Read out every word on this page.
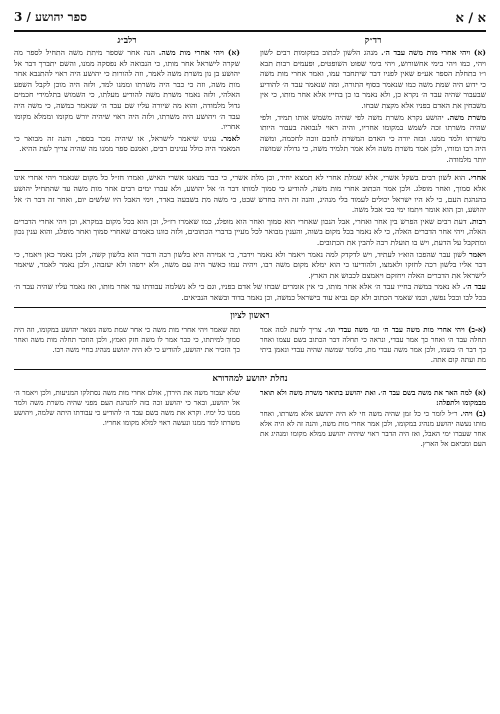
א / א
ספר יהושע / 3
רד״ק

(א) ויהי אחרי מות משה עבד ה׳. מנהג הלשון לכתוב במקומות רבים לשון ויהי, כמו ויהי בימי אחשורוש, ויהי בימי שפוט השופטים, ופעמים רבות תבא ו״ו בתחלת הספר אע״פ שאין לפניו דבר שיתחבר עמו, ואמר אחרי מות משה כי ידוע היה שמת משה כמו שנאמר בסוף התורה, ומה שנאמר עבד ה׳ להודיע שבעבור שהיה עבד ה׳ נקרא כן, ולא נאמר בו כן בחייו אלא אחר מותו, כי אין משבחין את האדם בפניו אלא מקצת שבחו.

משרת משה. יהושע נקרא משרת משה לפי שהיה משמש אותו תמיד, ולפי שהיה משרתו זכה לשמש במקומו אחריו, והיה ראוי לנבואה בעבור היותו משרתו ולמד ממנו. ובזה יורה כי האדם המשרת לחכם זוכה לחכמה, ומשה היה רבו ומורו, ולכן אמר משרת משה ולא אמר תלמיד משה, כי גדולה שמושה יותר מלמודה.

רלב״ג

(א) ויהי אחרי מות משה. הנה אחר שספר מיתת משה התחיל לספר מה שקרה לישראל אחר מותו, כי הנבואה לא נפסקה ממנו, והשם יתברך דבר אל יהושע בן נון משרת משה לאמר, וזה להורות כי יהושע היה ראוי להתנבא אחר מות משה, וזה כי כבר היה משרתו וממנו למד, ולזה היה מוכן לקבל השפע האלהי, ולזה נאמר משרת משה להודיע מעלתו, כי השמוש בתלמידי חכמים גדול מלמודה, והוא מה שיורה עליו שם עבד ה׳ שנאמר במשה, כי משה היה עבד ה׳ ויהושע היה משרתו, ולזה היה ראוי שיהיה יורש מקומו וממלא מקומו אחריו.

לאמר. ענינו שיאמר לישראל, או שיהיה נזכר בספר, והנה זה מבואר כי המאמר היה כולל ענינים רבים, ואמנם ספר ממנו מה שהיה צריך לעת ההיא.

אחרי. הוא לשון רבים בשקל אשרי, אלא שמלת אחרי לא תמצא יחיד, וכן מלת אשרי, כי כבר מצאנו אשרי האיש, ואמרו חז״ל כל מקום שנאמר ויהי אחרי אינו אלא סמוך, ואחר מופלג. ולכן אמר הכתוב אחרי מות משה, להודיע כי סמוך למותו דבר ה׳ אל יהושע, ולא עברו ימים רבים אחר מות משה עד שהתחיל יהושע בהנהגת העם, כי לא היו ישראל יכולים לעמוד בלי מנהיג, והנה זה היה בחדש שבט, כי משה מת בשבעה באדר, וימי האבל היו שלשים יום, ואחר זה דבר ה׳ אל יהושע, וכן הוא אומר ויתמו ימי בכי אבל משה.

רבות. דעת רבים שאין הפרש בין אחר ואחרי, אבל הנכון שאחרי הוא סמוך ואחר הוא מופלג, כמו שאמרו רז״ל, וכן הוא בכל מקום במקרא, וכן ויהי אחרי הדברים האלה, ויהי אחר הדברים האלה, כי לא נאמר בכל מקום בשוה, והענין מבואר לכל מעיין בדברי הכתובים, ולזה כוונו באמרם שאחרי סמוך ואחר מופלג, והוא ענין נכון ומתקבל על הדעת, ויש בו תועלת רבה להבין את הכתובים.

ויאמר לשון עבר שהפכו הוא״ו לעתיד, ויש לדקדק למה נאמר ויאמר ולא נאמר וידבר, כי אמירה היא בלשון רכה ודבור הוא בלשון קשה, ולכן נאמר כאן ויאמר, כי דבר אליו בלשון רכה לחזקו ולאמצו, ולהודיעו כי הוא ימלא מקום משה רבו, ויהיה עמו כאשר היה עם משה, ולא ירפהו ולא יעזבהו, ולכן נאמר לאמר, שיאמר לישראל את הדברים האלה ויחזקם ויאמצם לכבוש את הארץ.

עבד ה׳. לא נאמר במשה בחייו עבד ה׳ אלא אחר מותו, כי אין אומרים שבחו של אדם בפניו, וגם כי לא נשלמה עבודתו עד אחר מותו, ואז נאמר עליו שהיה עבד ה׳ בכל לבו ובכל נפשו, וכמו שאמר הכתוב ולא קם נביא עוד בישראל כמשה, וכן נאמר בדוד ובשאר הנביאים.

ראשון לציון

(א-ב) ויהי אחרי מות משה עבד ה׳ וגו׳ משה עבדי וגו׳. צריך לדעת למה אמר תחלה עבד ה׳ ואחר כך אמר עבדי, ונראה כי תחלה דבר הכתוב בשם עצמו ואחר כך דבר ה׳ בשמו, ולכן אמר משה עבדי מת, כלומר שמשה שהיה עבדי ונאמן ביתי מת ועתה קום אתה.

ומה שאמר ויהי אחרי מות משה כי אחר שמת משה נשאר יהושע במקומו, וזה היה סמוך למיתתו, כי כבר אמר לו משה חזק ואמץ, ולכן הוזכר תחלה מות משה ואחר כך הזכיר את יהושע, להודיע כי לא היה יהושע מנהיג בחיי משה רבו.

נחלת יהושע למהדורא

(א) למה האר את משה בשם עבד ה׳. ואת יהושע בתואר משרת משה ולא תואר מבמקומו ולתפלה:

(ב) ויהי. ר״ל לומר כי כל זמן שהיה משה חי לא היה יהושע אלא משרתו, ואחר מותו נעשה יהושע מנהיג במקומו, ולכן אמר אחרי מות משה, והנה זה לא היה אלא אחר שעברו ימי האבל, ואז היה הדבר ראוי שיהיה יהושע ממלא מקומו ומנהיג את העם ומביאם אל הארץ.

שלא יעבור משה את הירדן, אולם אחרי מות משה נסתלקו המניעות, ולכן ויאמר ה׳ אל יהושע, ובאר כי יהושע זכה בזה להנהגת העם מפני שהיה משרת משה ולמד ממנו כל ימיו. וקרא את משה בשם עבד ה׳ להודיע כי עבודתו היתה שלמה, ויהושע משרתו למד ממנו ונעשה ראוי למלא מקומו אחריו.
